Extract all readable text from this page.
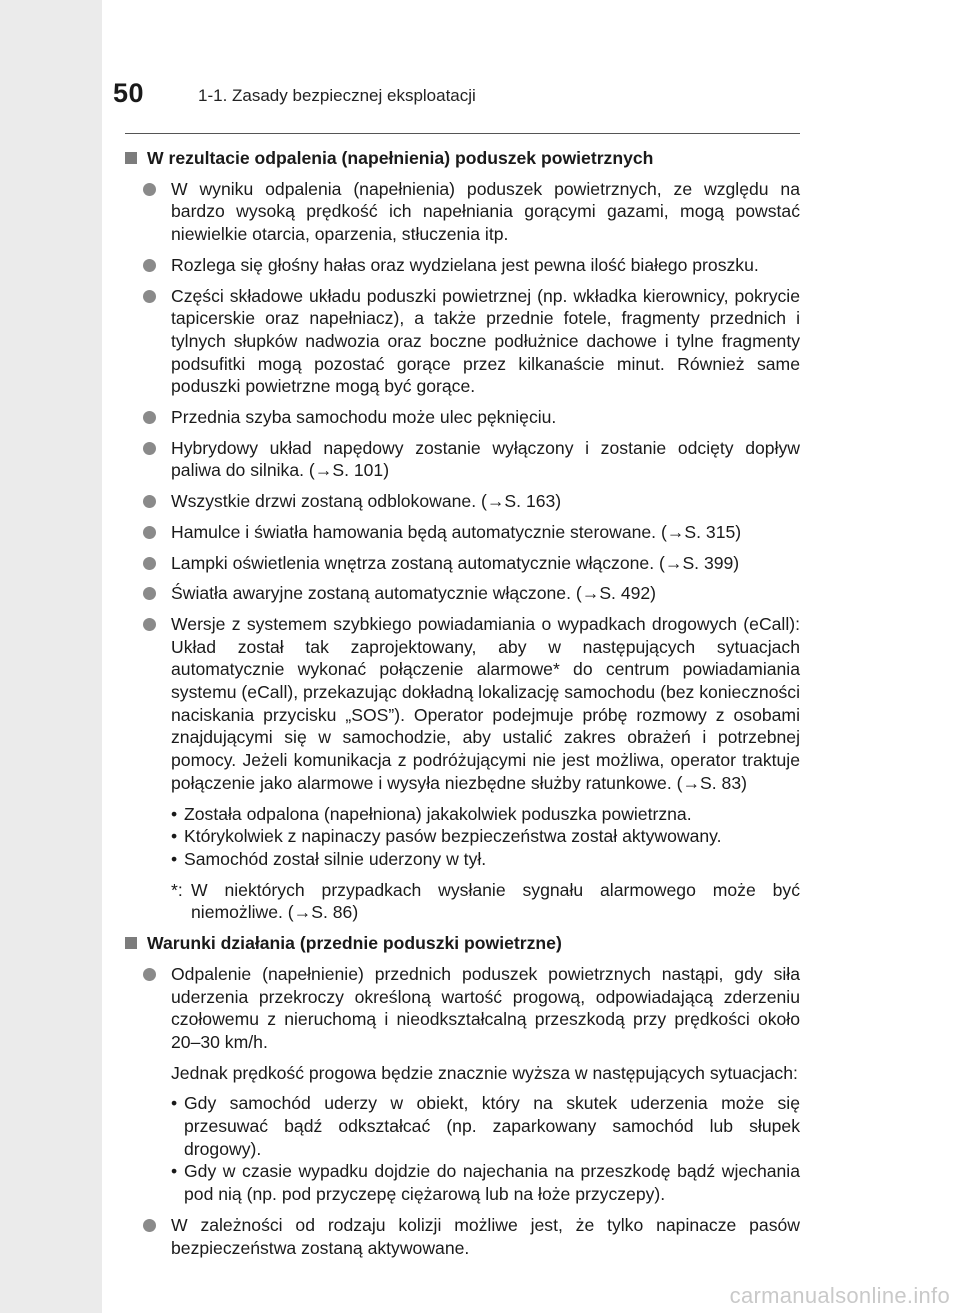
50	1-1. Zasady bezpiecznej eksploatacji
W rezultacie odpalenia (napełnienia) poduszek powietrznych
W wyniku odpalenia (napełnienia) poduszek powietrznych, ze względu na bardzo wysoką prędkość ich napełniania gorącymi gazami, mogą powstać niewielkie otarcia, oparzenia, stłuczenia itp.
Rozlega się głośny hałas oraz wydzielana jest pewna ilość białego proszku.
Części składowe układu poduszki powietrznej (np. wkładka kierownicy, pokrycie tapicerskie oraz napełniacz), a także przednie fotele, fragmenty przednich i tylnych słupków nadwozia oraz boczne podłużnice dachowe i tylne fragmenty podsufitki mogą pozostać gorące przez kilkanaście minut. Również same poduszki powietrzne mogą być gorące.
Przednia szyba samochodu może ulec pęknięciu.
Hybrydowy układ napędowy zostanie wyłączony i zostanie odcięty dopływ paliwa do silnika. (→S. 101)
Wszystkie drzwi zostaną odblokowane. (→S. 163)
Hamulce i światła hamowania będą automatycznie sterowane. (→S. 315)
Lampki oświetlenia wnętrza zostaną automatycznie włączone. (→S. 399)
Światła awaryjne zostaną automatycznie włączone. (→S. 492)
Wersje z systemem szybkiego powiadamiania o wypadkach drogowych (eCall): Układ został tak zaprojektowany, aby w następujących sytuacjach automatycznie wykonać połączenie alarmowe* do centrum powiadamiania systemu (eCall), przekazując dokładną lokalizację samochodu (bez konieczności naciskania przycisku „SOS”). Operator podejmuje próbę rozmowy z osobami znajdującymi się w samochodzie, aby ustalić zakres obrażeń i potrzebnej pomocy. Jeżeli komunikacja z podróżującymi nie jest możliwa, operator traktuje połączenie jako alarmowe i wysyła niezbędne służby ratunkowe. (→S. 83)
• Została odpalona (napełniona) jakakolwiek poduszka powietrzna.
• Którykolwiek z napinaczy pasów bezpieczeństwa został aktywowany.
• Samochód został silnie uderzony w tył.
*: W niektórych przypadkach wysłanie sygnału alarmowego może być niemożliwe. (→S. 86)
Warunki działania (przednie poduszki powietrzne)
Odpalenie (napełnienie) przednich poduszek powietrznych nastąpi, gdy siła uderzenia przekroczy określoną wartość progową, odpowiadającą zderzeniu czołowemu z nieruchomą i nieodkształcalną przeszkodą przy prędkości około 20–30 km/h.
Jednak prędkość progowa będzie znacznie wyższa w następujących sytuacjach:
• Gdy samochód uderzy w obiekt, który na skutek uderzenia może się przesuwać bądź odkształcać (np. zaparkowany samochód lub słupek drogowy).
• Gdy w czasie wypadku dojdzie do najechania na przeszkodę bądź wjechania pod nią (np. pod przyczepę ciężarową lub na łoże przyczepy).
W zależności od rodzaju kolizji możliwe jest, że tylko napinacze pasów bezpieczeństwa zostaną aktywowane.
carmanualsonline.info
